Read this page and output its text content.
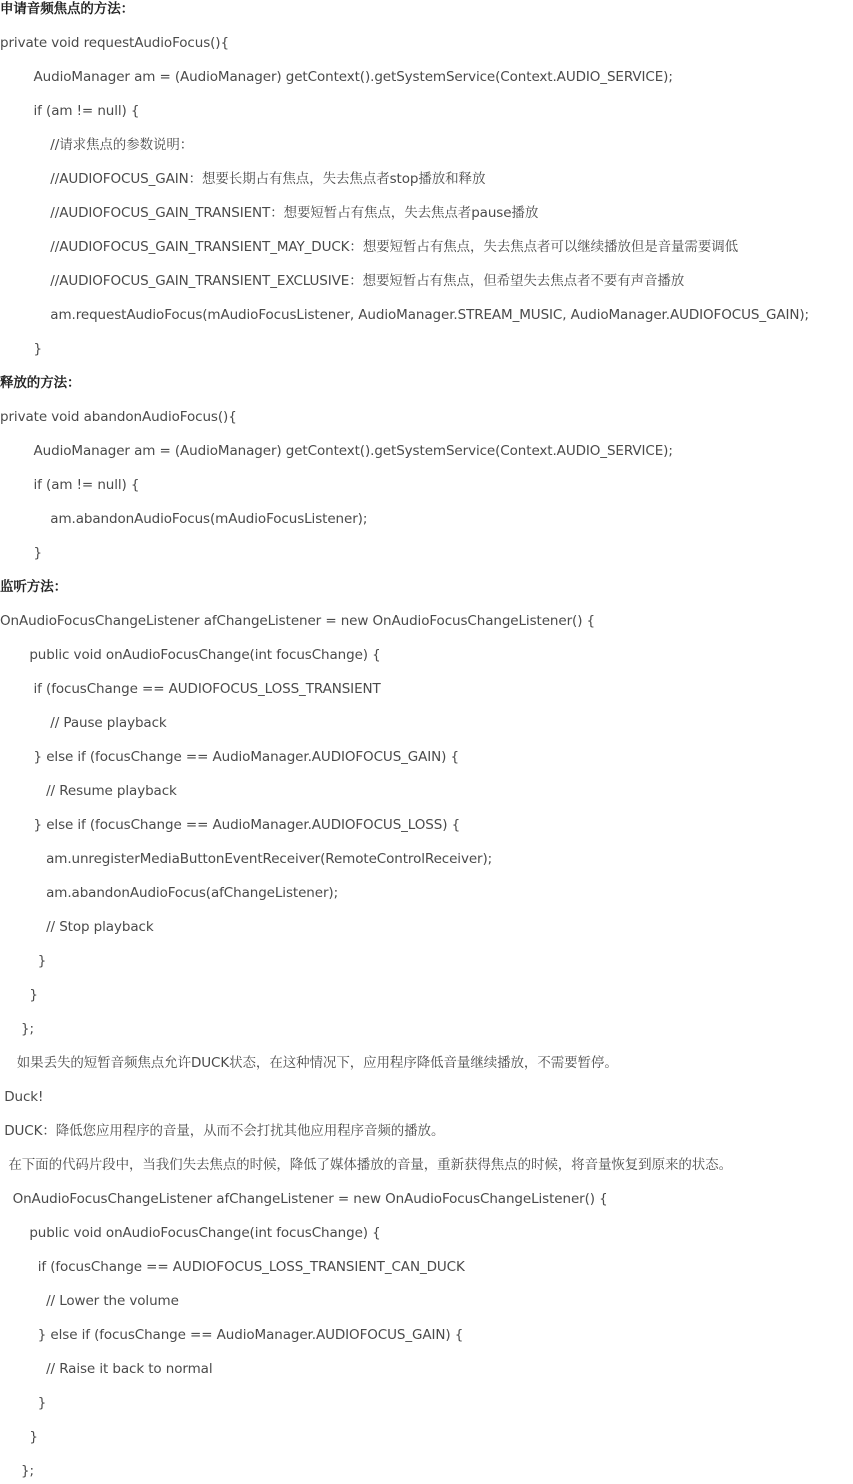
申请音频焦点的方法：
private void requestAudioFocus(){
AudioManager am = (AudioManager) getContext().getSystemService(Context.AUDIO_SERVICE);
if (am != null) {
//请求焦点的参数说明：
//AUDIOFOCUS_GAIN：想要长期占有焦点，失去焦点者stop播放和释放
//AUDIOFOCUS_GAIN_TRANSIENT：想要短暂占有焦点，失去焦点者pause播放
//AUDIOFOCUS_GAIN_TRANSIENT_MAY_DUCK：想要短暂占有焦点，失去焦点者可以继续播放但是音量需要调低
//AUDIOFOCUS_GAIN_TRANSIENT_EXCLUSIVE：想要短暂占有焦点，但希望失去焦点者不要有声音播放
am.requestAudioFocus(mAudioFocusListener, AudioManager.STREAM_MUSIC, AudioManager.AUDIOFOCUS_GAIN);
}
释放的方法：
private void abandonAudioFocus(){
AudioManager am = (AudioManager) getContext().getSystemService(Context.AUDIO_SERVICE);
if (am != null) {
am.abandonAudioFocus(mAudioFocusListener);
}
监听方法：
OnAudioFocusChangeListener afChangeListener = new OnAudioFocusChangeListener() {
public void onAudioFocusChange(int focusChange) {
if (focusChange == AUDIOFOCUS_LOSS_TRANSIENT
// Pause playback
} else if (focusChange == AudioManager.AUDIOFOCUS_GAIN) {
// Resume playback
} else if (focusChange == AudioManager.AUDIOFOCUS_LOSS) {
am.unregisterMediaButtonEventReceiver(RemoteControlReceiver);
am.abandonAudioFocus(afChangeListener);
// Stop playback
}
}
};
如果丢失的短暂音频焦点允许DUCK状态，在这种情况下，应用程序降低音量继续播放，不需要暂停。
Duck!
DUCK：降低您应用程序的音量，从而不会打扰其他应用程序音频的播放。
在下面的代码片段中，当我们失去焦点的时候，降低了媒体播放的音量，重新获得焦点的时候，将音量恢复到原来的状态。
OnAudioFocusChangeListener afChangeListener = new OnAudioFocusChangeListener() {
public void onAudioFocusChange(int focusChange) {
if (focusChange == AUDIOFOCUS_LOSS_TRANSIENT_CAN_DUCK
// Lower the volume
} else if (focusChange == AudioManager.AUDIOFOCUS_GAIN) {
// Raise it back to normal
}
}
};
